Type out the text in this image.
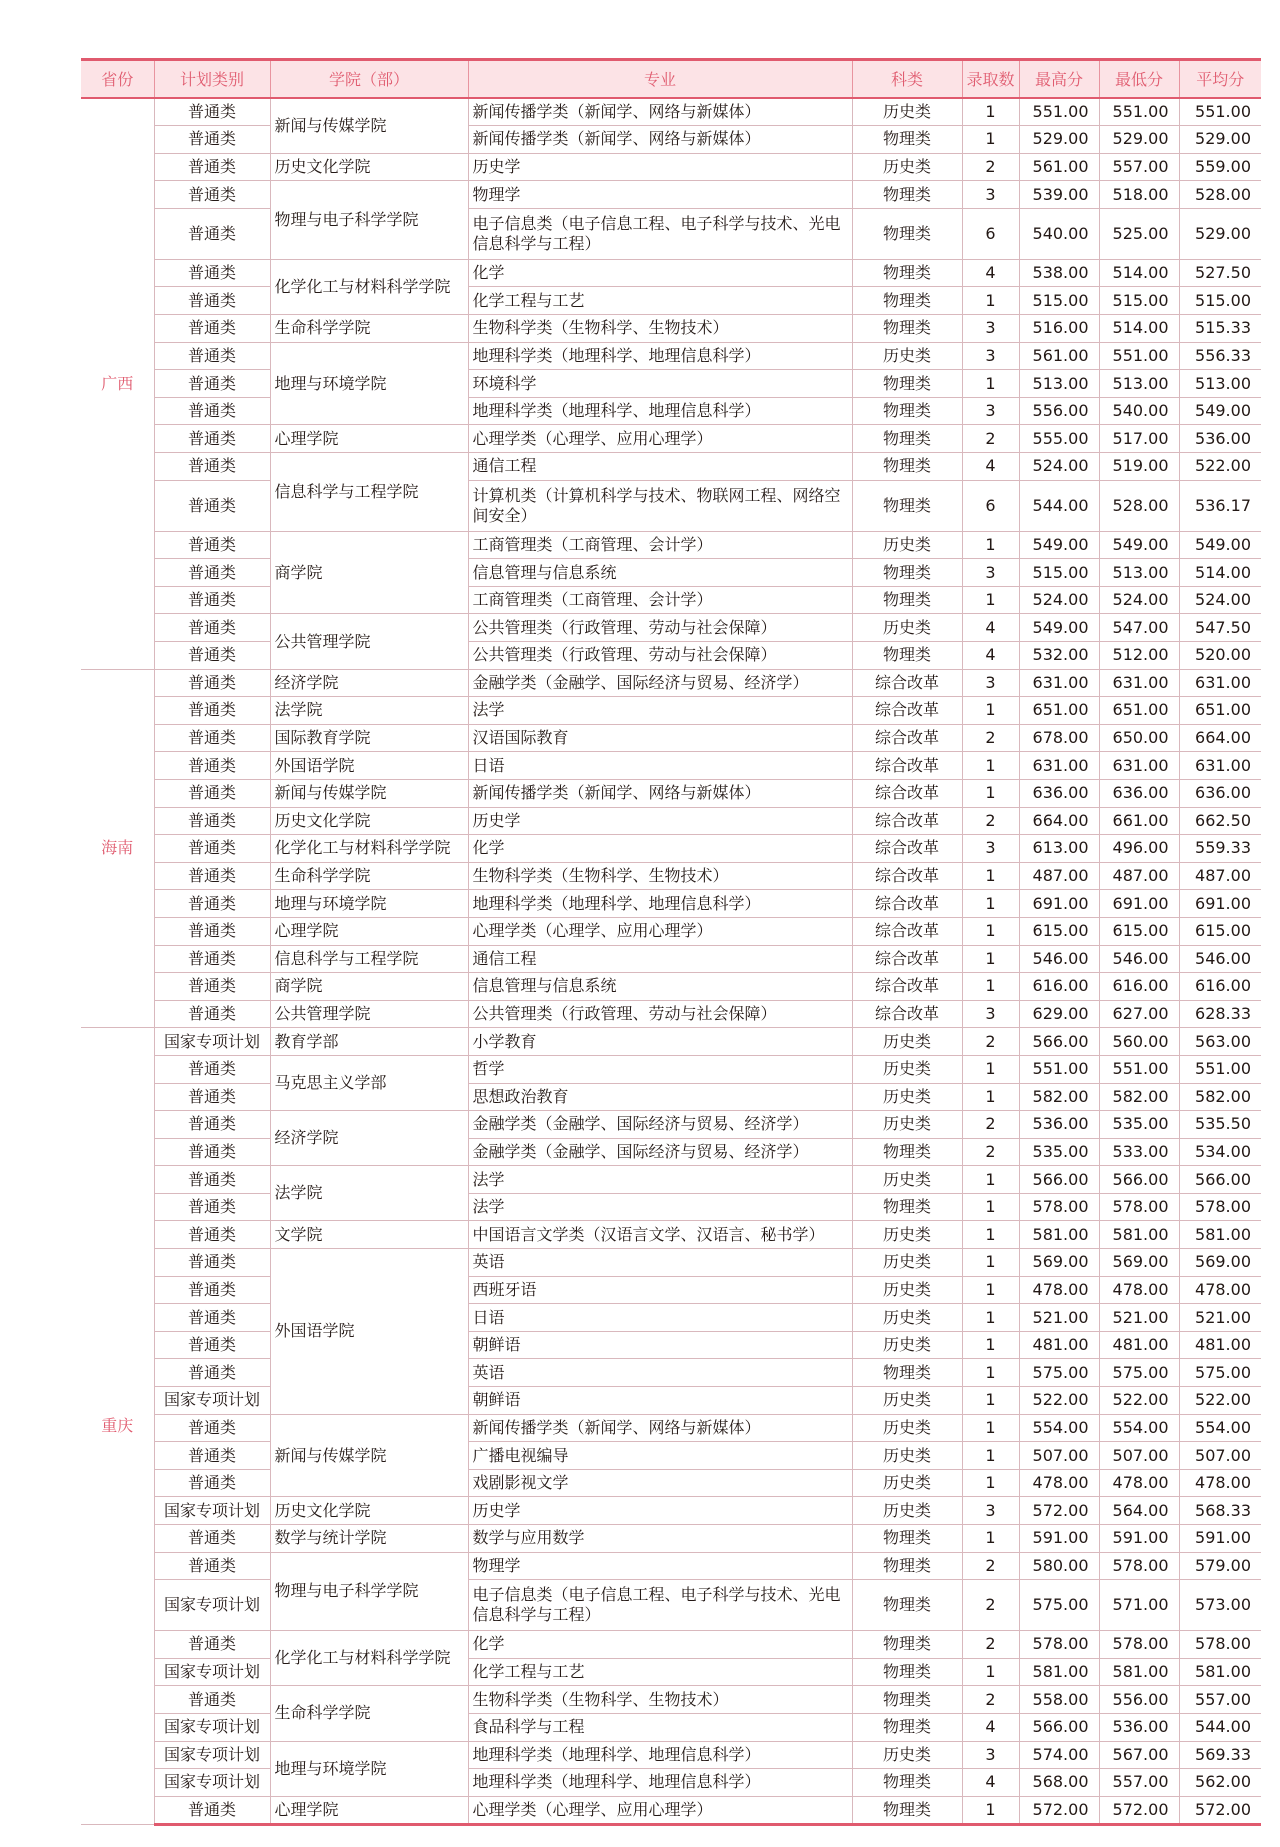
省份	计划类别	学院（部）	专业	科类	录取数	最高分	最低分	平均分
广西	普通类	新闻与传媒学院	新闻传播学类（新闻学、网络与新媒体）	历史类	1	551.00	551.00	551.00
	普通类		新闻传播学类（新闻学、网络与新媒体）	物理类	1	529.00	529.00	529.00
	普通类	历史文化学院	历史学	历史类	2	561.00	557.00	559.00
	普通类	物理与电子科学学院	物理学	物理类	3	539.00	518.00	528.00
	普通类		电子信息类（电子信息工程、电子科学与技术、光电信息科学与工程）	物理类	6	540.00	525.00	529.00
	普通类	化学化工与材料科学学院	化学	物理类	4	538.00	514.00	527.50
	普通类		化学工程与工艺	物理类	1	515.00	515.00	515.00
	普通类	生命科学学院	生物科学类（生物科学、生物技术）	物理类	3	516.00	514.00	515.33
	普通类	地理与环境学院	地理科学类（地理科学、地理信息科学）	历史类	3	561.00	551.00	556.33
	普通类		环境科学	物理类	1	513.00	513.00	513.00
	普通类		地理科学类（地理科学、地理信息科学）	物理类	3	556.00	540.00	549.00
	普通类	心理学院	心理学类（心理学、应用心理学）	物理类	2	555.00	517.00	536.00
	普通类	信息科学与工程学院	通信工程	物理类	4	524.00	519.00	522.00
	普通类		计算机类（计算机科学与技术、物联网工程、网络空间安全）	物理类	6	544.00	528.00	536.17
	普通类	商学院	工商管理类（工商管理、会计学）	历史类	1	549.00	549.00	549.00
	普通类		信息管理与信息系统	物理类	3	515.00	513.00	514.00
	普通类		工商管理类（工商管理、会计学）	物理类	1	524.00	524.00	524.00
	普通类	公共管理学院	公共管理类（行政管理、劳动与社会保障）	历史类	4	549.00	547.00	547.50
	普通类		公共管理类（行政管理、劳动与社会保障）	物理类	4	532.00	512.00	520.00
海南	普通类	经济学院	金融学类（金融学、国际经济与贸易、经济学）	综合改革	3	631.00	631.00	631.00
	普通类	法学院	法学	综合改革	1	651.00	651.00	651.00
	普通类	国际教育学院	汉语国际教育	综合改革	2	678.00	650.00	664.00
	普通类	外国语学院	日语	综合改革	1	631.00	631.00	631.00
	普通类	新闻与传媒学院	新闻传播学类（新闻学、网络与新媒体）	综合改革	1	636.00	636.00	636.00
	普通类	历史文化学院	历史学	综合改革	2	664.00	661.00	662.50
	普通类	化学化工与材料科学学院	化学	综合改革	3	613.00	496.00	559.33
	普通类	生命科学学院	生物科学类（生物科学、生物技术）	综合改革	1	487.00	487.00	487.00
	普通类	地理与环境学院	地理科学类（地理科学、地理信息科学）	综合改革	1	691.00	691.00	691.00
	普通类	心理学院	心理学类（心理学、应用心理学）	综合改革	1	615.00	615.00	615.00
	普通类	信息科学与工程学院	通信工程	综合改革	1	546.00	546.00	546.00
	普通类	商学院	信息管理与信息系统	综合改革	1	616.00	616.00	616.00
	普通类	公共管理学院	公共管理类（行政管理、劳动与社会保障）	综合改革	3	629.00	627.00	628.33
重庆	国家专项计划	教育学部	小学教育	历史类	2	566.00	560.00	563.00
	普通类	马克思主义学部	哲学	历史类	1	551.00	551.00	551.00
	普通类		思想政治教育	历史类	1	582.00	582.00	582.00
	普通类	经济学院	金融学类（金融学、国际经济与贸易、经济学）	历史类	2	536.00	535.00	535.50
	普通类		金融学类（金融学、国际经济与贸易、经济学）	物理类	2	535.00	533.00	534.00
	普通类	法学院	法学	历史类	1	566.00	566.00	566.00
	普通类		法学	物理类	1	578.00	578.00	578.00
	普通类	文学院	中国语言文学类（汉语言文学、汉语言、秘书学）	历史类	1	581.00	581.00	581.00
	普通类	外国语学院	英语	历史类	1	569.00	569.00	569.00
	普通类		西班牙语	历史类	1	478.00	478.00	478.00
	普通类		日语	历史类	1	521.00	521.00	521.00
	普通类		朝鲜语	历史类	1	481.00	481.00	481.00
	普通类		英语	物理类	1	575.00	575.00	575.00
	国家专项计划		朝鲜语	历史类	1	522.00	522.00	522.00
	普通类	新闻与传媒学院	新闻传播学类（新闻学、网络与新媒体）	历史类	1	554.00	554.00	554.00
	普通类		广播电视编导	历史类	1	507.00	507.00	507.00
	普通类		戏剧影视文学	历史类	1	478.00	478.00	478.00
	国家专项计划	历史文化学院	历史学	历史类	3	572.00	564.00	568.33
	普通类	数学与统计学院	数学与应用数学	物理类	1	591.00	591.00	591.00
	普通类	物理与电子科学学院	物理学	物理类	2	580.00	578.00	579.00
	国家专项计划		电子信息类（电子信息工程、电子科学与技术、光电信息科学与工程）	物理类	2	575.00	571.00	573.00
	普通类	化学化工与材料科学学院	化学	物理类	2	578.00	578.00	578.00
	国家专项计划		化学工程与工艺	物理类	1	581.00	581.00	581.00
	普通类	生命科学学院	生物科学类（生物科学、生物技术）	物理类	2	558.00	556.00	557.00
	国家专项计划		食品科学与工程	物理类	4	566.00	536.00	544.00
	国家专项计划	地理与环境学院	地理科学类（地理科学、地理信息科学）	历史类	3	574.00	567.00	569.33
	国家专项计划		地理科学类（地理科学、地理信息科学）	物理类	4	568.00	557.00	562.00
	普通类	心理学院	心理学类（心理学、应用心理学）	物理类	1	572.00	572.00	572.00
